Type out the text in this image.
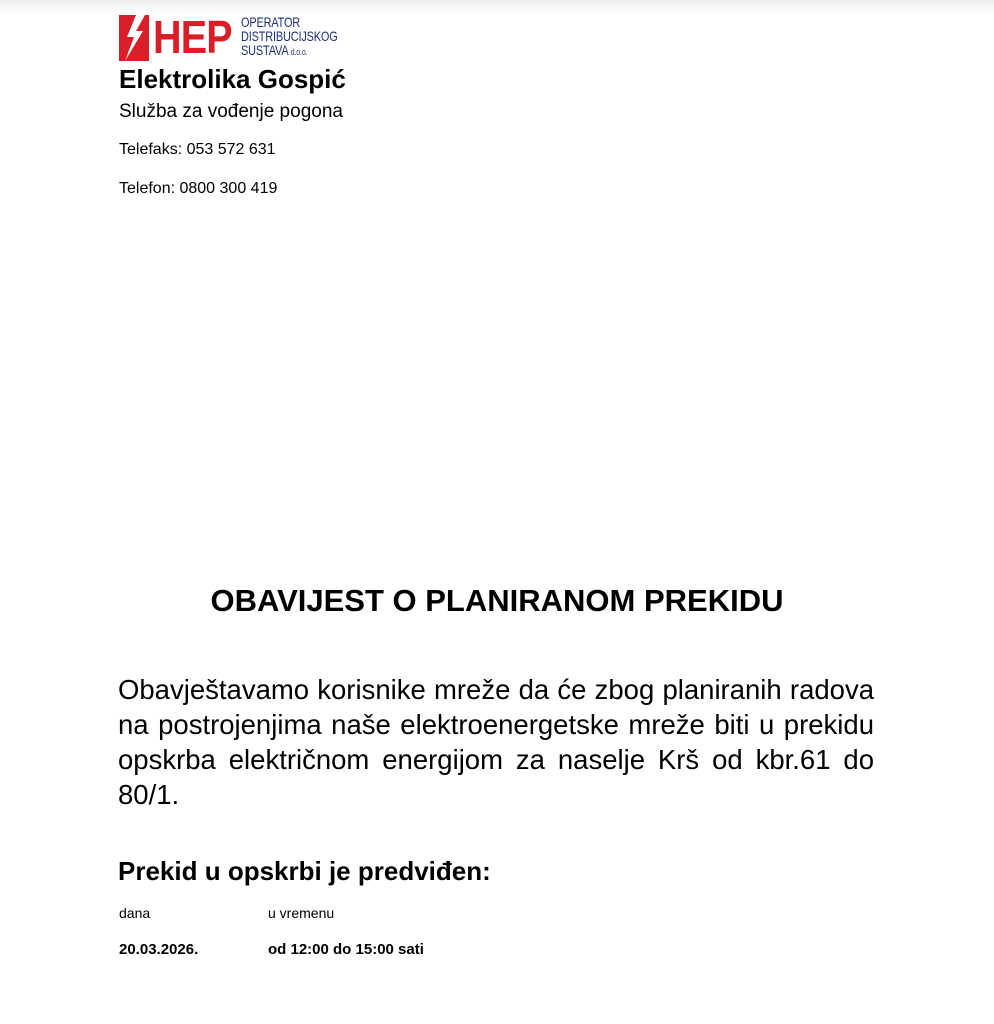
HEP OPERATOR
DISTRIBUCIJSKOG
SUSTAVA d.o.o.
Elektrolika Gospić
Služba za vođenje pogona
Telefaks: 053 572 631
Telefon: 0800 300 419
OBAVIJEST O PLANIRANOM PREKIDU
Obavještavamo korisnike mreže da će zbog planiranih radova na postrojenjima naše elektroenergetske mreže biti u prekidu opskrba električnom energijom za naselje Krš od kbr.61 do 80/1.
Prekid u opskrbi je predviđen:
dana	u vremenu
20.03.2026.	od 12:00 do 15:00 sati
